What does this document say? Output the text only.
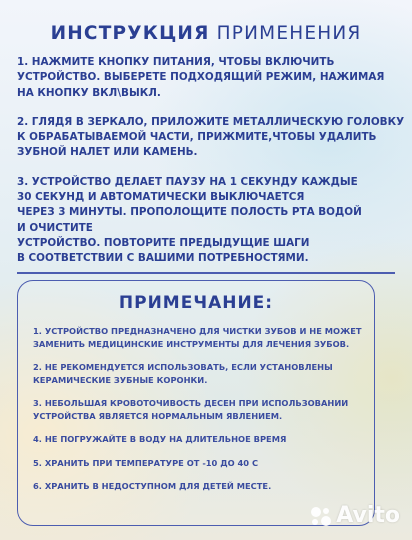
ИНСТРУКЦИЯ ПРИМЕНЕНИЯ
1. НАЖМИТЕ КНОПКУ ПИТАНИЯ, ЧТОБЫ ВКЛЮЧИТЬ
УСТРОЙСТВО. ВЫБЕРЕТЕ ПОДХОДЯЩИЙ РЕЖИМ, НАЖИМАЯ
НА КНОПКУ ВКЛ\ВЫКЛ.
2. ГЛЯДЯ В ЗЕРКАЛО, ПРИЛОЖИТЕ МЕТАЛЛИЧЕСКУЮ ГОЛОВКУ
К ОБРАБАТЫВАЕМОЙ ЧАСТИ, ПРИЖМИТЕ,ЧТОБЫ УДАЛИТЬ
ЗУБНОЙ НАЛЕТ ИЛИ КАМЕНЬ.
3. УСТРОЙСТВО ДЕЛАЕТ ПАУЗУ НА 1 СЕКУНДУ КАЖДЫЕ
30 СЕКУНД И АВТОМАТИЧЕСКИ ВЫКЛЮЧАЕТСЯ
ЧЕРЕЗ 3 МИНУТЫ. ПРОПОЛОЩИТЕ ПОЛОСТЬ РТА ВОДОЙ
И ОЧИСТИТЕ
УСТРОЙСТВО. ПОВТОРИТЕ ПРЕДЫДУЩИЕ ШАГИ
В СООТВЕТСТВИИ С ВАШИМИ ПОТРЕБНОСТЯМИ.
ПРИМЕЧАНИЕ:
1. УСТРОЙСТВО ПРЕДНАЗНАЧЕНО ДЛЯ ЧИСТКИ ЗУБОВ И НЕ МОЖЕТ
ЗАМЕНИТЬ МЕДИЦИНСКИЕ ИНСТРУМЕНТЫ ДЛЯ ЛЕЧЕНИЯ ЗУБОВ.
2. НЕ РЕКОМЕНДУЕТСЯ ИСПОЛЬЗОВАТЬ, ЕСЛИ УСТАНОВЛЕНЫ
КЕРАМИЧЕСКИЕ ЗУБНЫЕ КОРОНКИ.
3. НЕБОЛЬШАЯ КРОВОТОЧИВОСТЬ ДЕСЕН ПРИ ИСПОЛЬЗОВАНИИ
УСТРОЙСТВА ЯВЛЯЕТСЯ НОРМАЛЬНЫМ ЯВЛЕНИЕМ.
4. НЕ ПОГРУЖАЙТЕ В ВОДУ НА ДЛИТЕЛЬНОЕ ВРЕМЯ
5. ХРАНИТЬ ПРИ ТЕМПЕРАТУРЕ ОТ -10 ДО 40 С
6. ХРАНИТЬ В НЕДОСТУПНОМ ДЛЯ ДЕТЕЙ МЕСТЕ.
Avito
